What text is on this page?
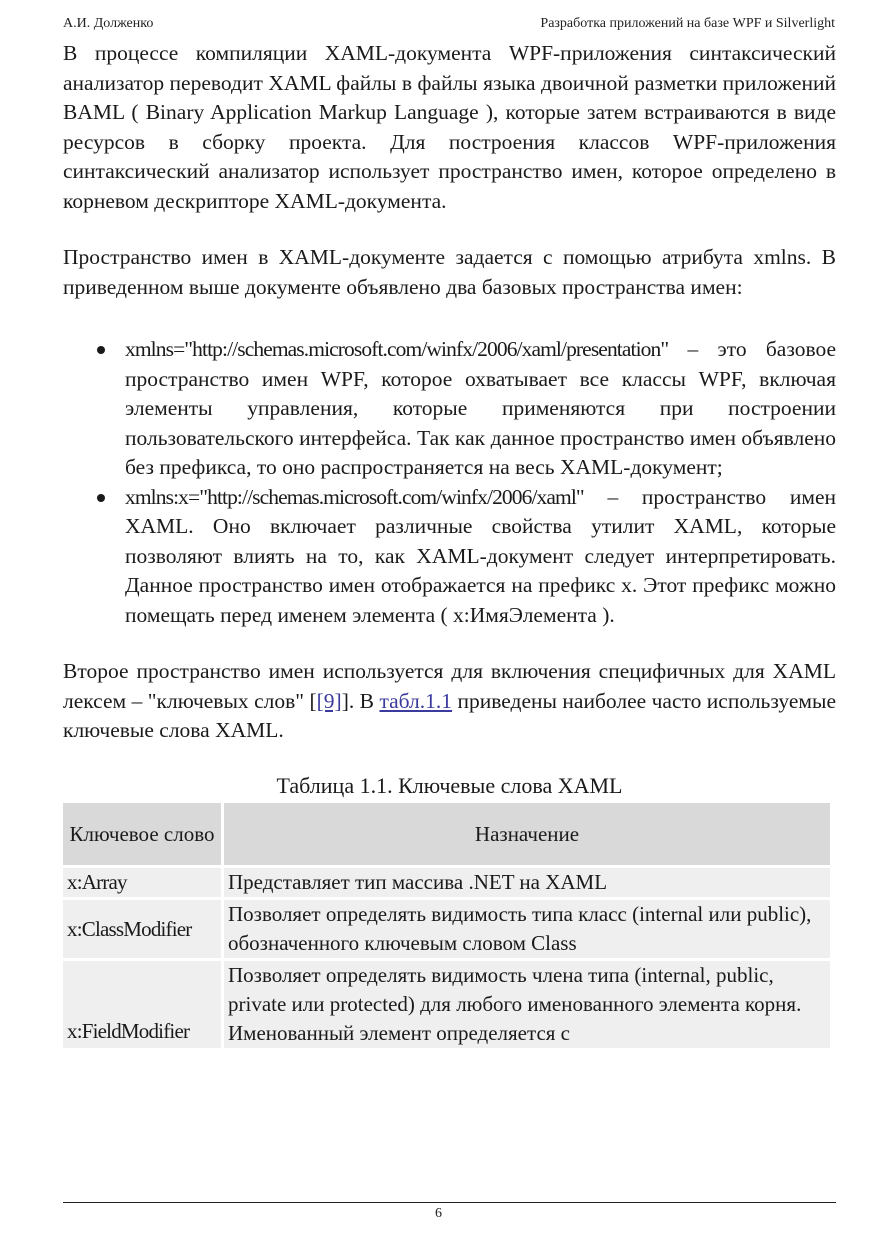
А.И. Долженко	Разработка приложений на базе WPF и Silverlight

В процессе компиляции XAML-документа WPF-приложения синтаксический анализатор переводит XAML файлы в файлы языка двоичной разметки приложений BAML ( Binary Application Markup Language ), которые затем встраиваются в виде ресурсов в сборку проекта. Для построения классов WPF-приложения синтаксический анализатор использует пространство имен, которое определено в корневом дескрипторе XAML-документа.

Пространство имен в XAML-документе задается с помощью атрибута xmlns. В приведенном выше документе объявлено два базовых пространства имен:

xmlns="http://schemas.microsoft.com/winfx/2006/xaml/presentation" – это базовое пространство имен WPF, которое охватывает все классы WPF, включая элементы управления, которые применяются при построении пользовательского интерфейса. Так как данное пространство имен объявлено без префикса, то оно распространяется на весь XAML-документ;
xmlns:x="http://schemas.microsoft.com/winfx/2006/xaml" – пространство имен XAML. Оно включает различные свойства утилит XAML, которые позволяют влиять на то, как XAML-документ следует интерпретировать. Данное пространство имен отображается на префикс x. Этот префикс можно помещать перед именем элемента ( x:ИмяЭлемента ).

Второе пространство имен используется для включения специфичных для XAML лексем – "ключевых слов" [[9]]. В табл.1.1 приведены наиболее часто используемые ключевые слова XAML.

Таблица 1.1. Ключевые слова XAML
Ключевое слово	Назначение
x:Array	Представляет тип массива .NET на XAML
x:ClassModifier	Позволяет определять видимость типа класс (internal или public), обозначенного ключевым словом Class
x:FieldModifier	Позволяет определять видимость члена типа (internal, public, private или protected) для любого именованного элемента корня. Именованный элемент определяется с
6
